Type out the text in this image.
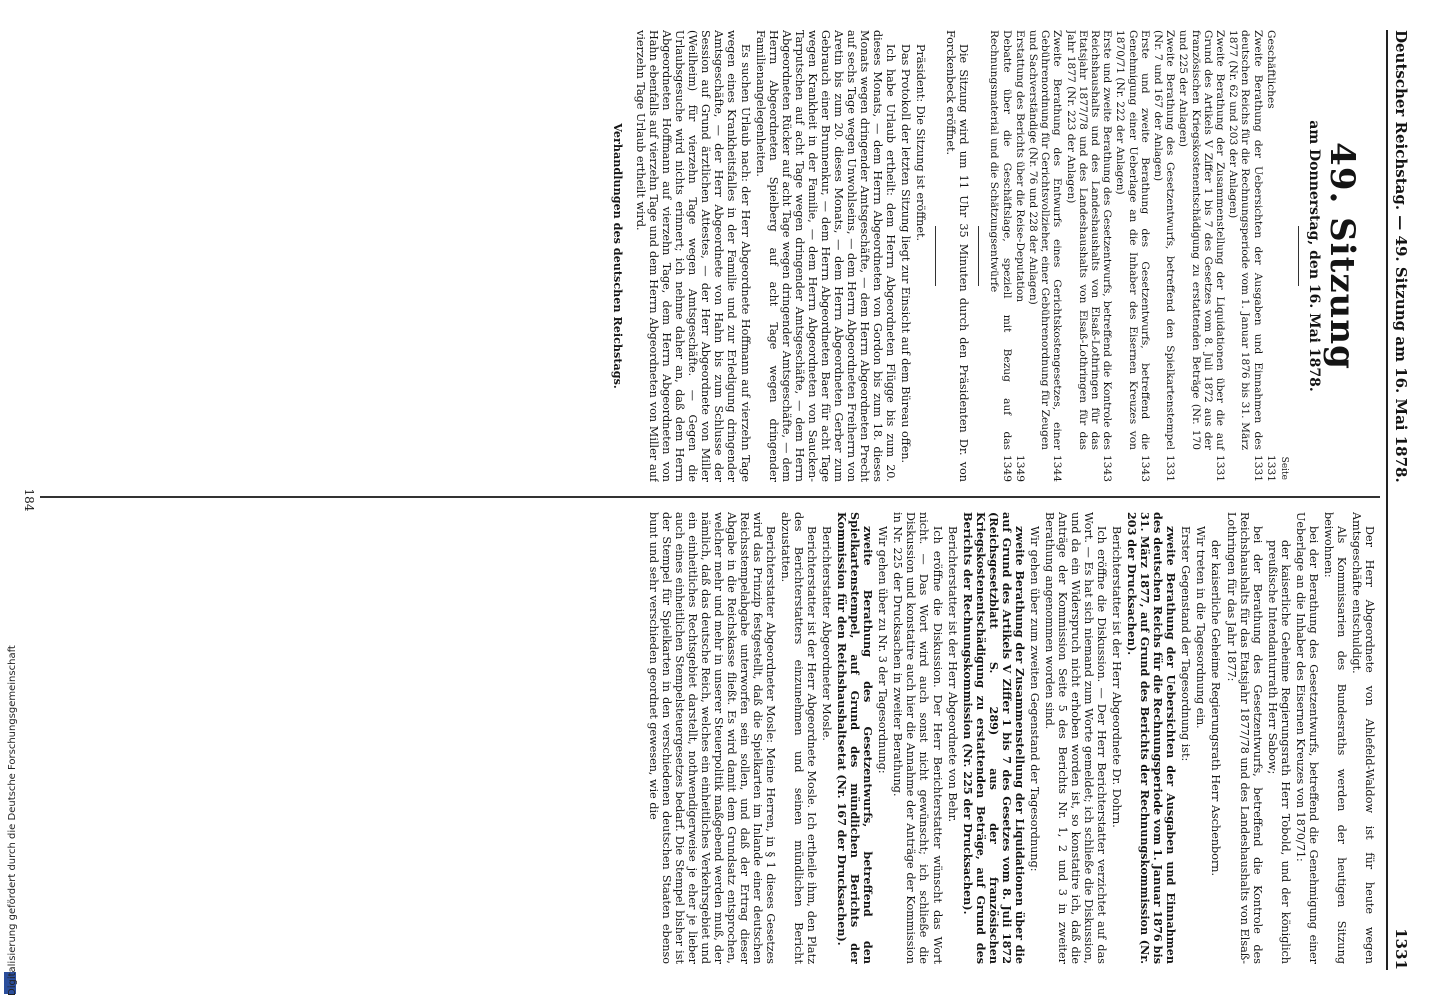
Digitalisierung gefördert durch die Deutsche Forschungsgemeinschaft
Deutscher Reichstag. — 49. Sitzung am 16. Mai 1878.
1331
49. Sitzung
am Donnerstag, den 16. Mai 1878.
Seite
Geschäftliches	1331
Zweite Berathung der Uebersichten der Ausgaben und Einnahmen des deutschen Reichs für die Rechnungsperiode vom 1. Januar 1876 bis 31. März 1877 (Nr. 62 und 203 der Anlagen)	1331
Zweite Berathung der Zusammenstellung der Liquidationen über die auf Grund des Artikels V Ziffer 1 bis 7 des Gesetzes vom 8. Juli 1872 aus der französischen Kriegskostenentschädigung zu erstattenden Beträge (Nr. 170 und 225 der Anlagen)	1331
Zweite Berathung des Gesetzentwurfs, betreffend den Spielkartenstempel (Nr. 7 und 167 der Anlagen)	1331
Erste und zweite Berathung des Gesetzentwurfs, betreffend die Genehmigung einer Ueberlage an die Inhaber des Eisernen Kreuzes von 1870/71 (Nr. 222 der Anlagen)	1343
Erste und zweite Berathung des Gesetzentwurfs, betreffend die Kontrole des Reichshaushalts und des Landeshaushalts von Elsaß-Lothringen für das Etatsjahr 1877/78 und des Landeshaushalts von Elsaß-Lothringen für das Jahr 1877 (Nr. 223 der Anlagen)	1343
Zweite Berathung des Entwurfs eines Gerichtskostengesetzes, einer Gebührenordnung für Gerichtsvollzieher, einer Gebührenordnung für Zeugen und Sachverständige (Nr. 76 und 228 der Anlagen)	1344
Erstattung des Berichts über die Reise-Deputation	1349
Debatte über die Geschäftslage, speziell mit Bezug auf das Rechnungsmaterial und die Schätzungsentwürfe	1349

Die Sitzung wird um 11 Uhr 35 Minuten durch den Präsidenten Dr. von Forckenbeck eröffnet.

Präsident: Die Sitzung ist eröffnet.

Das Protokoll der letzten Sitzung liegt zur Einsicht auf dem Büreau offen.

Ich habe Urlaub ertheilt: dem Herrn Abgeordneten Flügge bis zum 20. dieses Monats, — dem Herrn Abgeordneten von Gordon bis zum 18. dieses Monats wegen dringender Amtsgeschäfte, — dem Herrn Abgeordneten Precht auf sechs Tage wegen Unwohlseins, — dem Herrn Abgeordneten Freiherrn von Aretin bis zum 20. dieses Monats, — dem Herrn Abgeordneten Gerber zum Gebrauch einer Brunnenkur, — dem Herrn Abgeordneten Baer für acht Tage wegen Krankheit in der Familie, — dem Herrn Abgeordneten von Saucken-Tarputschen auf acht Tage wegen dringender Amtsgeschäfte, — dem Herrn Abgeordneten Rücker auf acht Tage wegen dringender Amtsgeschäfte, — dem Herrn Abgeordneten Spielberg auf acht Tage wegen dringender Familienangelegenheiten.

Es suchen Urlaub nach: der Herr Abgeordnete Hoffmann auf vierzehn Tage wegen eines Krankheitsfalles in der Familie und zur Erledigung dringender Amtsgeschäfte, — der Herr Abgeordnete von Hahn bis zum Schlusse der Session auf Grund ärztlichen Attestes, — der Herr Abgeordnete von Miller (Weilheim) für vierzehn Tage wegen Amtsgeschäfte. — Gegen die Urlaubsgesuche wird nichts erinnert; ich nehme daher an, daß dem Herrn Abgeordneten Hoffmann auf vierzehn Tage, dem Herrn Abgeordneten von Hahn ebenfalls auf vierzehn Tage und dem Herrn Abgeordneten von Miller auf vierzehn Tage Urlaub ertheilt wird.

Verhandlungen des deutschen Reichstags.

Der Herr Abgeordnete von Ahlefeld-Waldow ist für heute wegen Amtsgeschäfte entschuldigt.

Als Kommissarien des Bundesraths werden der heutigen Sitzung beiwohnen:

bei der Berathung des Gesetzentwurfs, betreffend die Genehmigung einer Ueberlage an die Inhaber des Eisernen Kreuzes von 1870/71:

der kaiserliche Geheime Regierungsrath Herr Tobold, und der königlich preußische Intendanturrath Herr Sabow;

bei der Berathung des Gesetzentwurfs, betreffend die Kontrole des Reichshaushalts für das Etatsjahr 1877/78 und des Landeshaushalts von Elsaß-Lothringen für das Jahr 1877:

der kaiserliche Geheime Regierungsrath Herr Aschenborn.

Wir treten in die Tagesordnung ein.

Erster Gegenstand der Tagesordnung ist:

zweite Berathung der Uebersichten der Ausgaben und Einnahmen des deutschen Reichs für die Rechnungsperiode vom 1. Januar 1876 bis 31. März 1877, auf Grund des Berichts der Rechnungskommission (Nr. 203 der Drucksachen).

Berichterstatter ist der Herr Abgeordnete Dr. Dohrn.

Ich eröffne die Diskussion. — Der Herr Berichterstatter verzichtet auf das Wort. — Es hat sich niemand zum Worte gemeldet; ich schließe die Diskussion, und da ein Widerspruch nicht erhoben worden ist, so konstatire ich, daß die Anträge der Kommission Seite 5 des Berichts Nr. 1, 2 und 3 in zweiter Berathung angenommen worden sind.

Wir gehen über zum zweiten Gegenstand der Tagesordnung:

zweite Berathung der Zusammenstellung der Liquidationen über die auf Grund des Artikels V Ziffer 1 bis 7 des Gesetzes vom 8. Juli 1872 (Reichsgesetzblatt S. 289) aus der französischen Kriegskostenentschädigung zu erstattenden Beträge, auf Grund des Berichts der Rechnungskommission (Nr. 225 der Drucksachen).

Berichterstatter ist der Herr Abgeordnete von Behr.

Ich eröffne die Diskussion. Der Herr Berichterstatter wünscht das Wort nicht. — Das Wort wird auch sonst nicht gewünscht; ich schließe die Diskussion und konstatire auch hier die Annahme der Anträge der Kommission in Nr. 225 der Drucksachen in zweiter Berathung.

Wir gehen über zu Nr. 3 der Tagesordnung:

zweite Berathung des Gesetzentwurfs, betreffend den Spielkartenstempel, auf Grund des mündlichen Berichts der Kommission für den Reichshaushaltsetat (Nr. 167 der Drucksachen).

Berichterstatter Abgeordneter Mosle.

Berichterstatter ist der Herr Abgeordnete Mosle. Ich ertheile ihm, den Platz des Berichterstatters einzunehmen und seinen mündlichen Bericht abzustatten.

Berichterstatter Abgeordneter Mosle: Meine Herren, in § 1 dieses Gesetzes wird das Prinzip festgestellt, daß die Spielkarten im Inlande einer deutschen Reichsstempelabgabe unterworfen sein sollen, und daß der Ertrag dieser Abgabe in die Reichskasse fließt. Es wird damit dem Grundsatz entsprochen, welcher mehr und mehr in unserer Steuerpolitik maßgebend werden muß, der nämlich, daß das deutsche Reich, welches ein einheitliches Verkehrsgebiet und ein einheitliches Rechtsgebiet darstellt, nothwendigerweise je eher je lieber auch eines einheitlichen Stempelsteuergesetzes bedarf. Die Stempel bisher ist der Stempel für Spielkarten in den verschiedenen deutschen Staaten ebenso bunt und sehr verschieden geordnet gewesen, wie die

184
